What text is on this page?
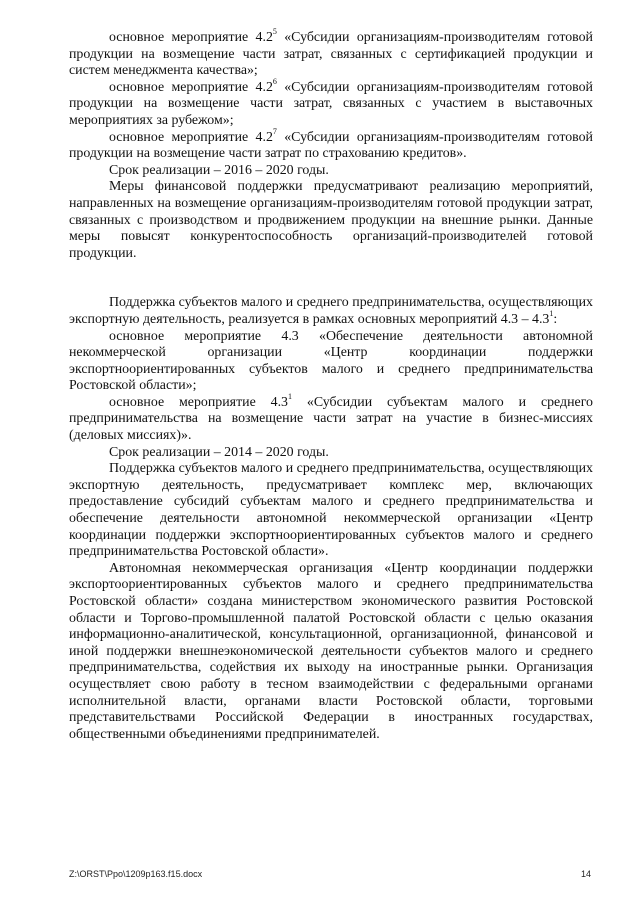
основное мероприятие $4.2^5$ «Субсидии организациям-производителям готовой продукции на возмещение части затрат, связанных с сертификацией продукции и систем менеджмента качества»;

основное мероприятие $4.2^6$ «Субсидии организациям-производителям готовой продукции на возмещение части затрат, связанных с участием в выставочных мероприятиях за рубежом»;

основное мероприятие $4.2^7$ «Субсидии организациям-производителям готовой продукции на возмещение части затрат по страхованию кредитов».

Срок реализации – 2016 – 2020 годы.

Меры финансовой поддержки предусматривают реализацию мероприятий, направленных на возмещение организациям-производителям готовой продукции затрат, связанных с производством и продвижением продукции на внешние рынки. Данные меры повысят конкурентоспособность организаций-производителей готовой продукции.

Поддержка субъектов малого и среднего предпринимательства, осуществляющих экспортную деятельность, реализуется в рамках основных мероприятий $4.3 - 4.3^1$:

основное мероприятие 4.3 «Обеспечение деятельности автономной некоммерческой организации «Центр координации поддержки экспортноориентированных субъектов малого и среднего предпринимательства Ростовской области»;

основное мероприятие $4.3^1$ «Субсидии субъектам малого и среднего предпринимательства на возмещение части затрат на участие в бизнес-миссиях (деловых миссиях)».

Срок реализации – 2014 – 2020 годы.

Поддержка субъектов малого и среднего предпринимательства, осуществляющих экспортную деятельность, предусматривает комплекс мер, включающих предоставление субсидий субъектам малого и среднего предпринимательства и обеспечение деятельности автономной некоммерческой организации «Центр координации поддержки экспортноориентированных субъектов малого и среднего предпринимательства Ростовской области».

Автономная некоммерческая организация «Центр координации поддержки экспортоориентированных субъектов малого и среднего предпринимательства Ростовской области» создана министерством экономического развития Ростовской области и Торгово-промышленной палатой Ростовской области с целью оказания информационно-аналитической, консультационной, организационной, финансовой и иной поддержки внешнеэкономической деятельности субъектов малого и среднего предпринимательства, содействия их выходу на иностранные рынки. Организация осуществляет свою работу в тесном взаимодействии с федеральными органами исполнительной власти, органами власти Ростовской области, торговыми представительствами Российской Федерации в иностранных государствах, общественными объединениями предпринимателей.

Z:\ORST\Ppo\1209p163.f15.docx	14
